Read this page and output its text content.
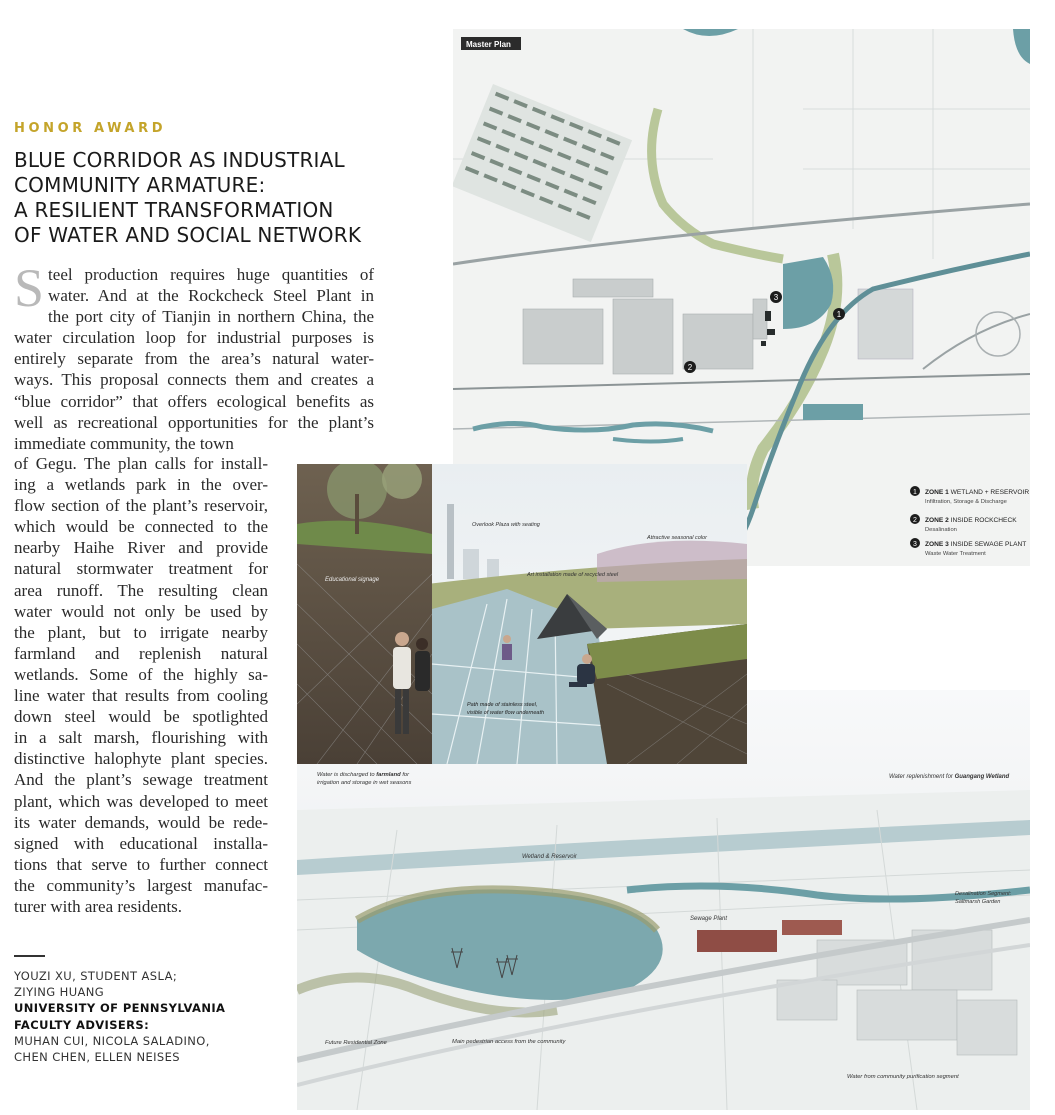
HONOR AWARD
BLUE CORRIDOR AS INDUSTRIAL
COMMUNITY ARMATURE:
A RESILIENT TRANSFORMATION
OF WATER AND SOCIAL NETWORK
S teel production requires huge quantities of
water. And at the Rockcheck Steel Plant in
the port city of Tianjin in northern China, the
water circulation loop for industrial purposes is
entirely separate from the area’s natural water-
ways. This proposal connects them and creates a
“blue corridor” that offers ecological benefits as
well as recreational opportunities for the plant’s
immediate community, the town
of Gegu. The plan calls for install-
ing a wetlands park in the over-
flow section of the plant’s reservoir,
which would be connected to the
nearby Haihe River and provide
natural stormwater treatment for
area runoff. The resulting clean
water would not only be used by
the plant, but to irrigate nearby
farmland and replenish natural
wetlands. Some of the highly sa-
line water that results from cooling
down steel would be spotlighted
in a salt marsh, flourishing with
distinctive halophyte plant species.
And the plant’s sewage treatment
plant, which was developed to meet
its water demands, would be rede-
signed with educational installa-
tions that serve to further connect
the community’s largest manufac-
turer with area residents.
YOUZI XU, STUDENT ASLA;
ZIYING HUANG
UNIVERSITY OF PENNSYLVANIA
FACULTY ADVISERS:
MUHAN CUI, NICOLA SALADINO,
CHEN CHEN, ELLEN NEISES
1
2
3
Master Plan
1 ZONE 1 WETLAND + RESERVOIR
Infiltration, Storage & Discharge
2 ZONE 2 INSIDE ROCKCHECK
Desalination
3 ZONE 3 INSIDE SEWAGE PLANT
Waste Water Treatment
Water is discharged to farmland for
irrigation and storage in wet seasons
Water replenishment for Guangang Wetland
Wetland & Reservoir
Desalination Segment:
Saltmarsh Garden
Sewage Plant
Future Residential Zone	Main pedestrian access from the community
Water from community purification segment
Educational signage
Overlook Plaza with seating
Attractive seasonal color
Art installation made of recycled steel
Path made of stainless steel,
visible of water flow underneath
